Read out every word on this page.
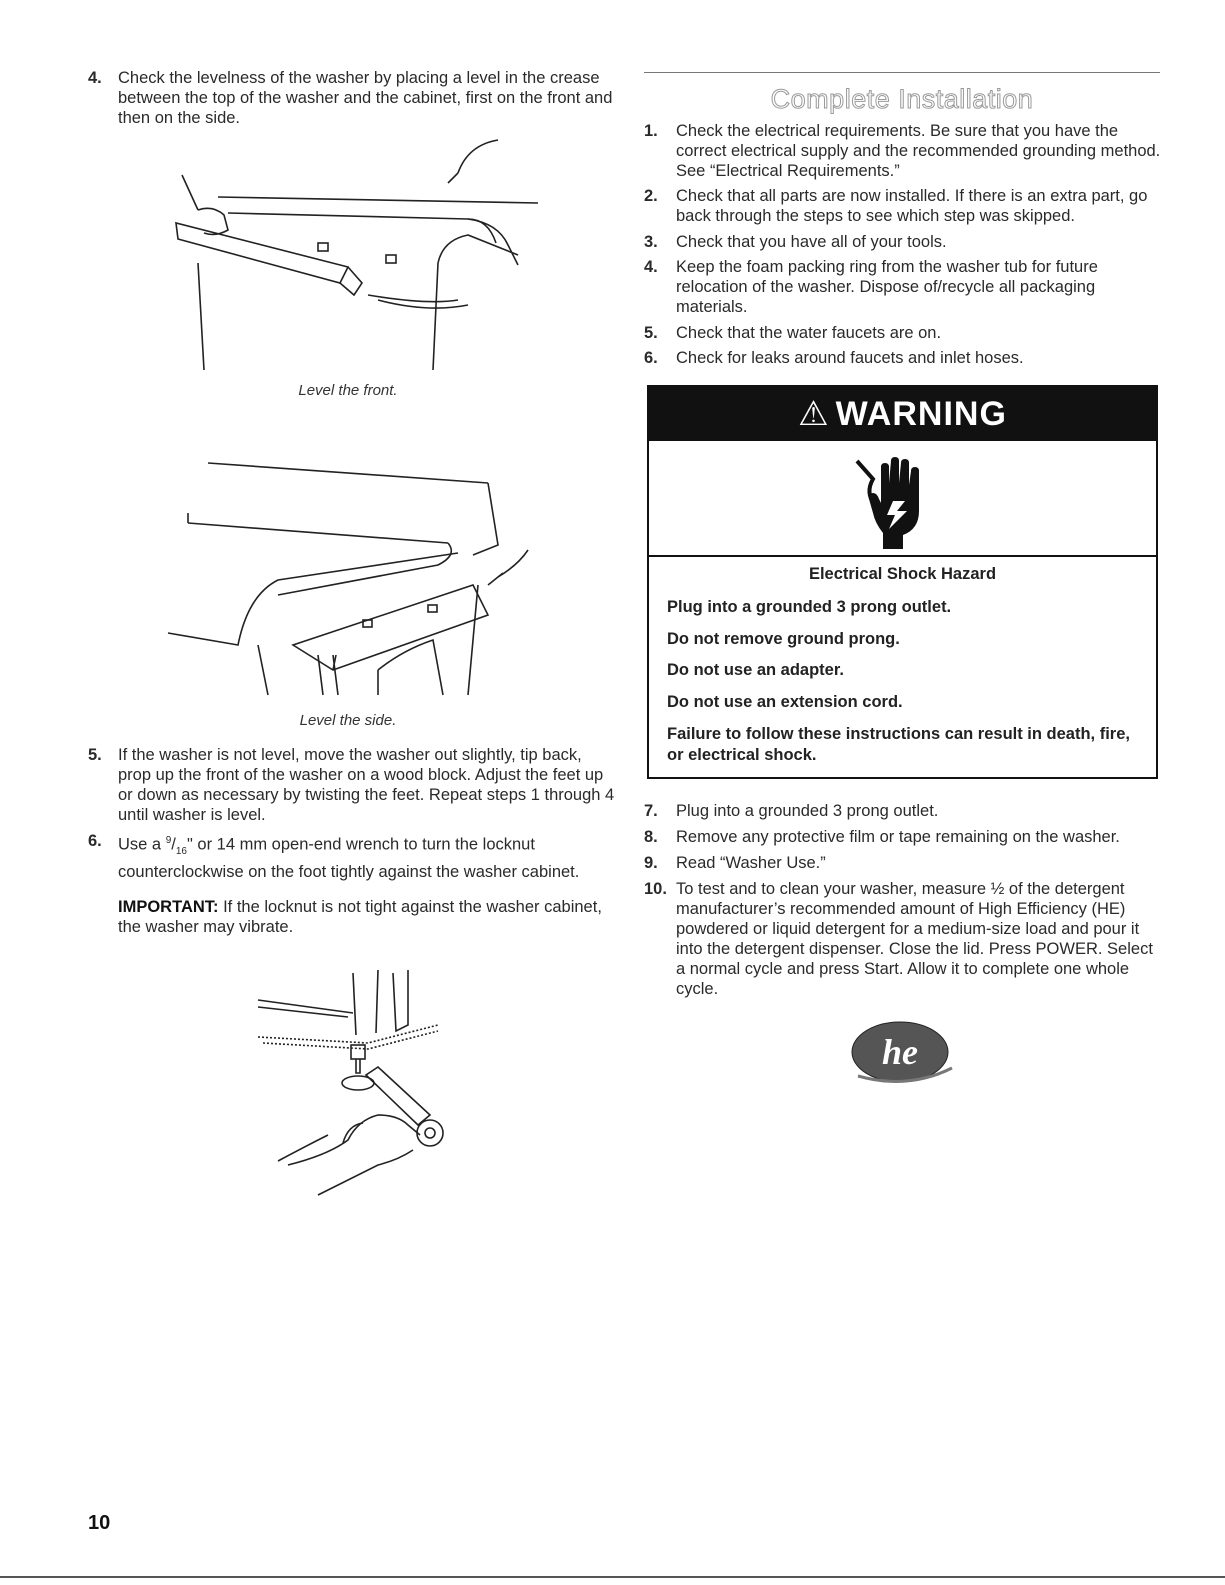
4. Check the levelness of the washer by placing a level in the crease between the top of the washer and the cabinet, first on the front and then on the side.
Level the front.
Level the side.
5. If the washer is not level, move the washer out slightly, tip back, prop up the front of the washer on a wood block. Adjust the feet up or down as necessary by twisting the feet. Repeat steps 1 through 4 until washer is level.
6. Use a $^9/_{16}$" or 14 mm open-end wrench to turn the locknut counterclockwise on the foot tightly against the washer cabinet.
IMPORTANT: If the locknut is not tight against the washer cabinet, the washer may vibrate.
Complete Installation
1. Check the electrical requirements. Be sure that you have the correct electrical supply and the recommended grounding method. See “Electrical Requirements.”
2. Check that all parts are now installed. If there is an extra part, go back through the steps to see which step was skipped.
3. Check that you have all of your tools.
4. Keep the foam packing ring from the washer tub for future relocation of the washer. Dispose of/recycle all packaging materials.
5. Check that the water faucets are on.
6. Check for leaks around faucets and inlet hoses.
⚠ WARNING
Electrical Shock Hazard
Plug into a grounded 3 prong outlet.
Do not remove ground prong.
Do not use an adapter.
Do not use an extension cord.
Failure to follow these instructions can result in death, fire, or electrical shock.
7. Plug into a grounded 3 prong outlet.
8. Remove any protective film or tape remaining on the washer.
9. Read “Washer Use.”
10. To test and to clean your washer, measure ½ of the detergent manufacturer’s recommended amount of High Efficiency (HE) powdered or liquid detergent for a medium-size load and pour it into the detergent dispenser. Close the lid. Press POWER. Select a normal cycle and press Start. Allow it to complete one whole cycle.
he
10
